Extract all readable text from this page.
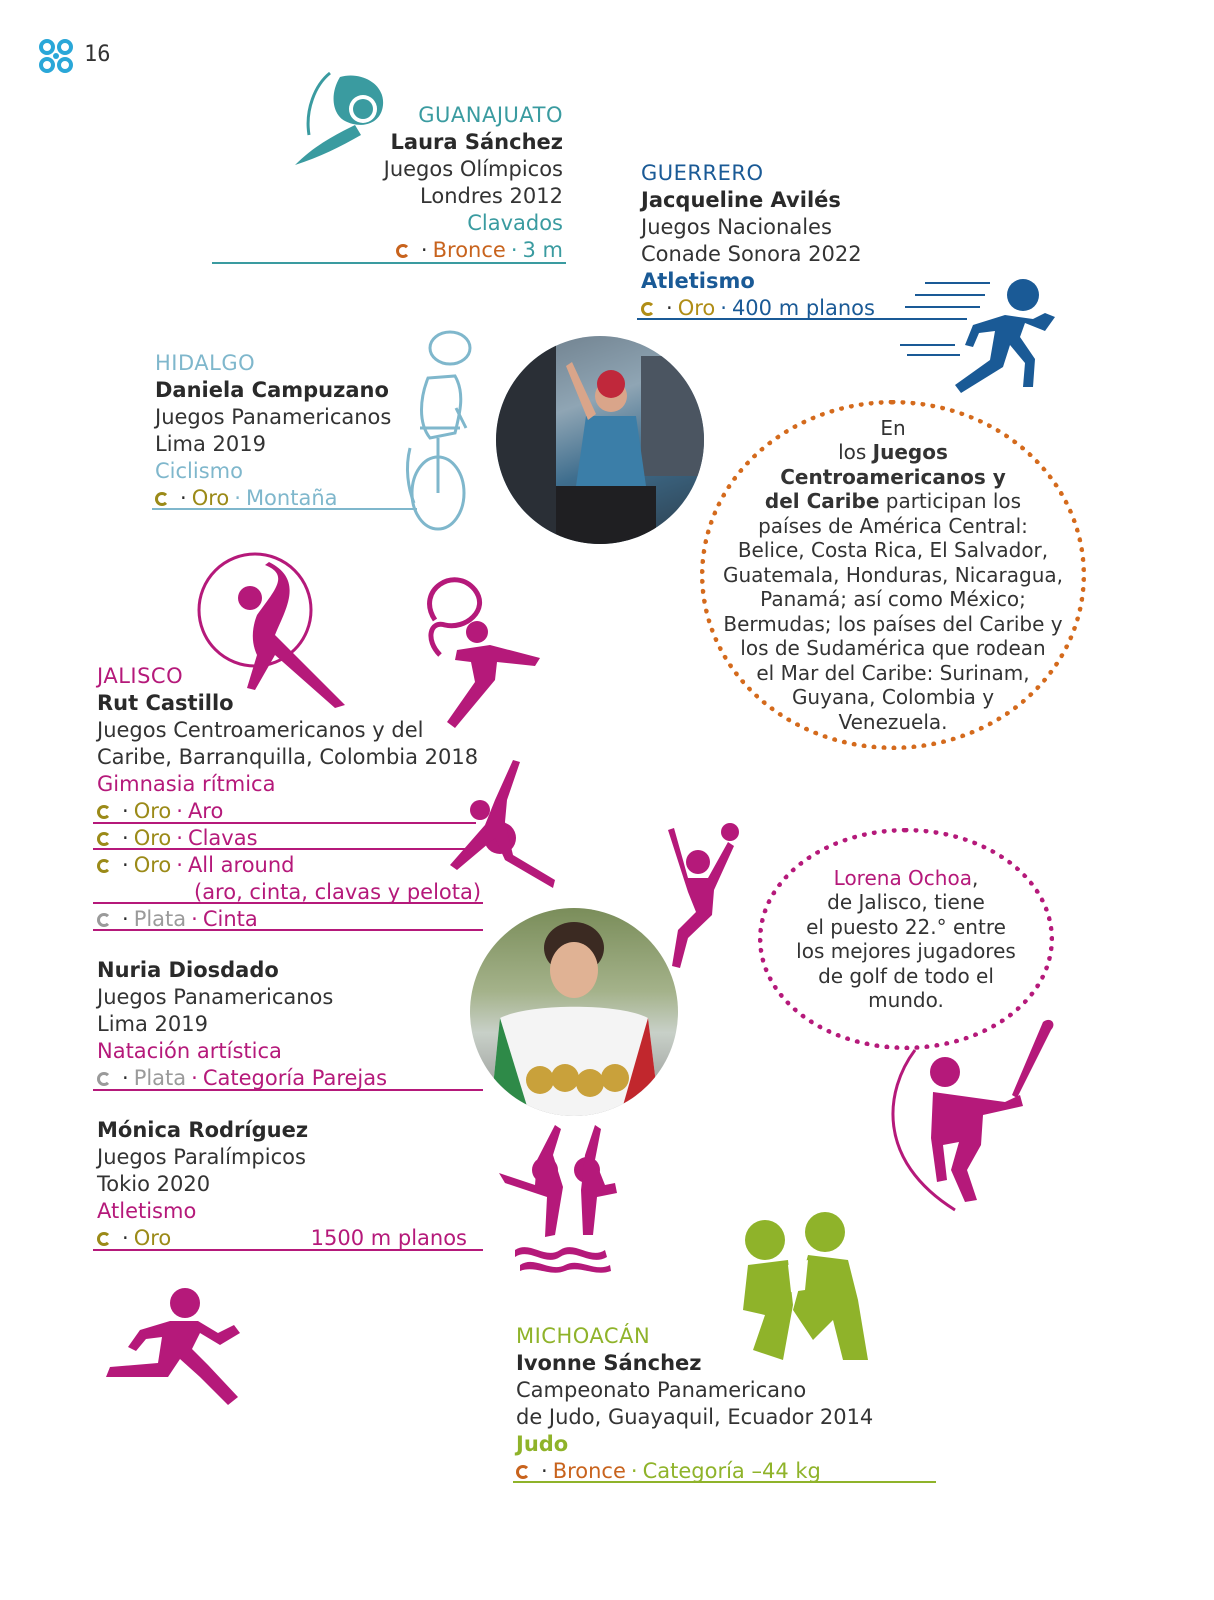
16
GUANAJUATO
Laura Sánchez
Juegos Olímpicos
Londres 2012
Clavados
· Bronce · 3 m
GUERRERO
Jacqueline Avilés
Juegos Nacionales
Conade Sonora 2022
Atletismo
· Oro · 400 m planos
HIDALGO
Daniela Campuzano
Juegos Panamericanos
Lima 2019
Ciclismo
· Oro · Montaña
En
los Juegos
Centroamericanos y
del Caribe participan los
países de América Central:
Belice, Costa Rica, El Salvador,
Guatemala, Honduras, Nicaragua,
Panamá; así como México;
Bermudas; los países del Caribe y
los de Sudamérica que rodean
el Mar del Caribe: Surinam,
Guyana, Colombia y
Venezuela.
JALISCO
Rut Castillo
Juegos Centroamericanos y del
Caribe, Barranquilla, Colombia 2018
Gimnasia rítmica
· Oro · Aro
· Oro · Clavas
· Oro · All around
(aro, cinta, clavas y pelota)
· Plata · Cinta
Nuria Diosdado
Juegos Panamericanos
Lima 2019
Natación artística
· Plata · Categoría Parejas
Mónica Rodríguez
Juegos Paralímpicos
Tokio 2020
Atletismo
· Oro	1500 m planos
Lorena Ochoa,
de Jalisco, tiene
el puesto 22.° entre
los mejores jugadores
de golf de todo el
mundo.
MICHOACÁN
Ivonne Sánchez
Campeonato Panamericano
de Judo, Guayaquil, Ecuador 2014
Judo
· Bronce · Categoría –44 kg
